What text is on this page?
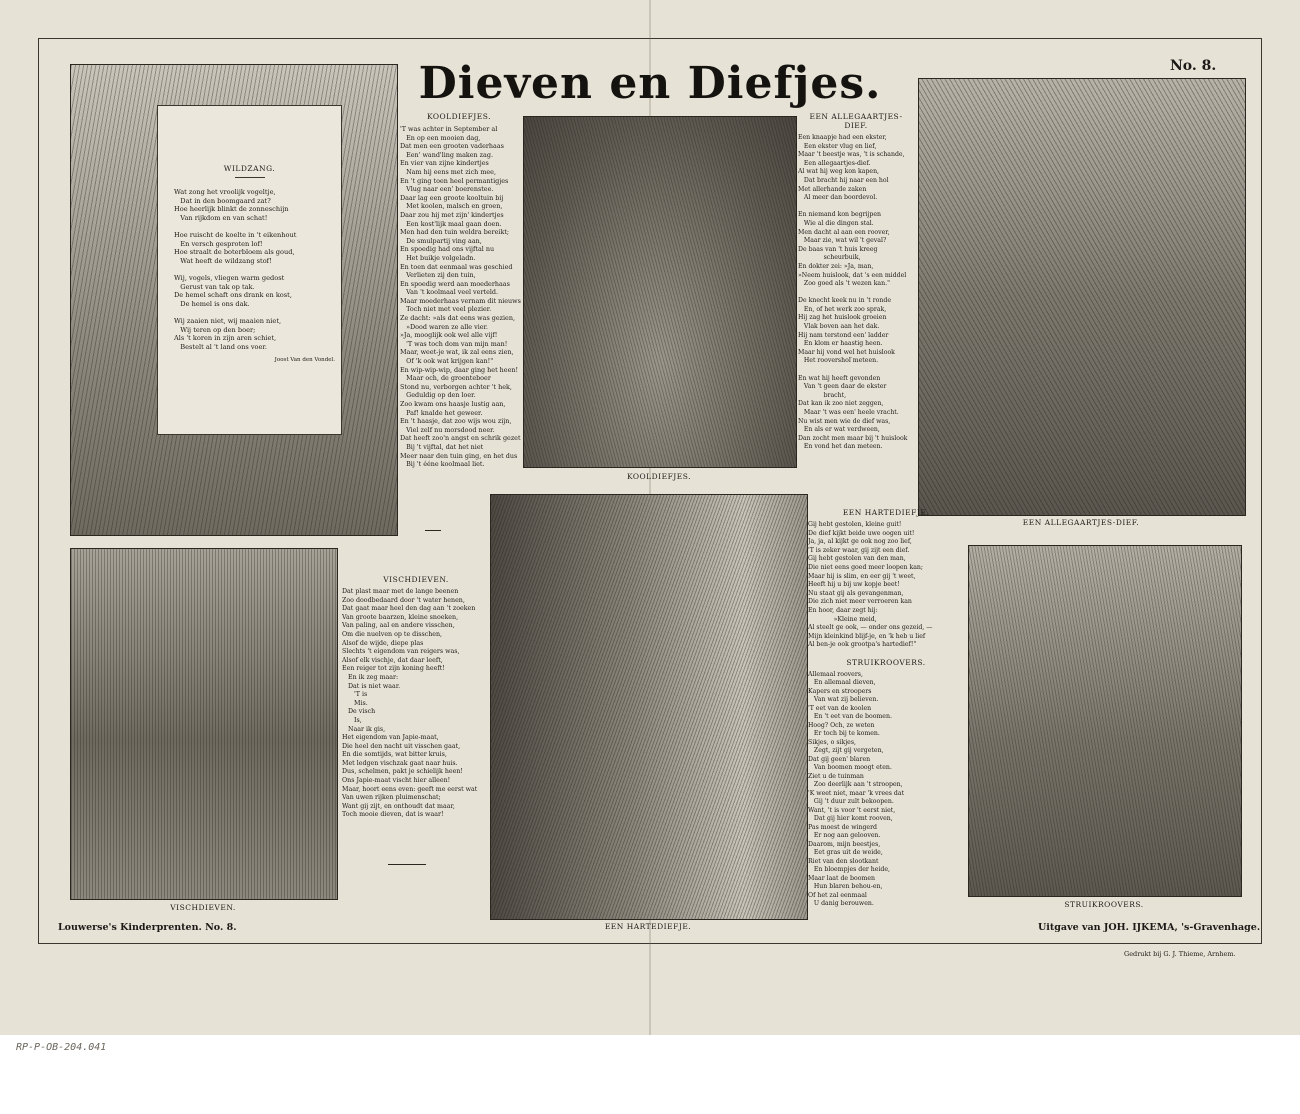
Dieven en Diefjes.	No. 8.
WILDZANG.
Wat zong het vroolijk vogeltje,
Dat in den boomgaard zat?
Hoe heerlijk blinkt de zonneschijn
Van rijkdom en van schat!

Hoe ruischt de koelte in 't eikenhout
En versch gesproten lof!
Hoe straalt de boterbloem als goud,
Wat heeft de wildzang stof!

Wij, vogels, vliegen warm gedost
Gerust van tak op tak.
De hemel schaft ons drank en kost,
De hemel is ons dak.

Wij zaaien niet, wij maaien niet,
Wij teren op den boer;
Als 't koren in zijn aren schiet,
Bestelt al 't land ons voer.
Joost Van den Vondel.
KOOLDIEFJES.
'T was achter in September al
En op een mooien dag,
Dat men een grooten vaderhaas
Een' wand'ling maken zag.
En vier van zijne kindertjes
Nam hij eens met zich mee,
En 't ging toen heel permantigjes
Vlug naar een' boerenstee.
Daar lag een groote kooltuin bij
Met koolen, malsch en groen,
Daar zou hij met zijn' kindertjes
Een kost'lijk maal gaan doen.
Men had den tuin weldra bereikt;
De smulpartij ving aan,
En spoedig had ons vijftal nu
Het buikje volgeladn.
En toen dat eenmaal was geschied
Verlieten zij den tuin,
En spoedig werd aan moederhaas
Van 't koolmaal veel verteld.
Maar moederhaas vernam dit nieuws
Toch niet met veel plezier.
Ze dacht: »als dat eens was gezien,
»Dood waren ze alle vier.
»Ja, mooglijk ook wel alle vijf!
'T was toch dom van mijn man!
Maar, weet-je wat, ik zal eens zien,
Of 'k ook wat krijgen kan!"
En wip-wip-wip, daar ging het heen!
Maar och, de groenteboer
Stond nu, verborgen achter 't hek,
Geduldig op den loer.
Zoo kwam ons haasje lustig aan,
Paf! knalde het geweer.
En 't haasje, dat zoo wijs wou zijn,
Viel zelf nu morsdood neer.
Dat heeft zoo'n angst en schrik gezet
Bij 't vijftal, dat het niet
Meer naar den tuin ging, en het dus
Bij 't ééne koolmaal liet.
KOOLDIEFJES.
EEN ALLEGAARTJES-
DIEF.
Een knaapje had een ekster,
Een ekster vlug en lief,
Maar 't beestje was, 't is schande,
Een allegaartjes-dief.
Al wat hij weg kon kapen,
Dat bracht hij naar een hol
Met allerhande zaken
Al meer dan boordevol.

En niemand kon begrijpen
Wie al die dingen stal.
Men dacht al aan een roover,
Maar zie, wat wil 't geval?
De baas van 't huis kreeg
scheurbuik,
En dokter zei: »Ja, man,
»Neem huislook, dat 's een middel
Zoo goed als 't wezen kan."

De knecht keek nu in 't ronde
En, of het werk zoo sprak,
Hij zag het huislook groeien
Vlak boven aan het dak.
Hij nam terstond een' ladder
En klom er haastig heen.
Maar hij vond wel het huislook
Het roovershoľ meteen.

En wat hij heeft gevonden
Van 't geen daar de ekster
bracht,
Dat kan ik zoo niet zeggen,
Maar 't was een' heele vracht.
Nu wist men wie de dief was,
En als er wat verdween,
Dan zocht men maar bij 't huislook
En vond het dan meteen.
EEN ALLEGAARTJES-DIEF.
VISCHDIEVEN.
VISCHDIEVEN.
Dat plast maar met de lange beenen
Zoo doodbedaard door 't water henen,
Dat gaat maar heel den dag aan 't zoeken
Van groote baarzen, kleine snoeken,
Van paling, aal en andere visschen,
Om die nuelven op te disschen,
Alsof de wijde, diepe plas
Slechts 't eigendom van reigers was,
Alsof elk vischje, dat daar leeft,
Een reiger tot zijn koning heeft!
En ik zeg maar:
Dat is niet waar.
'T is
Mis.
De visch
Is,
Naar ik gis,
Het eigendom van Japie-maat,
Die heel den nacht uit visschen gaat,
En die somtijds, wat bitter kruis,
Met ledgen vischzak gaat naar huis.
Dus, schelmen, pakt je schielijk heen!
Ons Japie-maat vischt hier alleen!
Maar, hoort eens even: geeft me eerst wat
Van uwen rijken pluimenschat;
Want gij zijt, en onthoudt dat maar,
Toch mooie dieven, dat is waar!
EEN HARTEDIEFJE.
EEN HARTEDIEFJE.
Gij hebt gestolen, kleine guit!
De dief kijkt beide uwe oogen uit!
Ja, ja, al kijkt ge ook nog zoo lief,
'T is zeker waar, gij zijt een dief.
Gij hebt gestolen van den man,
Die niet eens goed meer loopen kan;
Maar hij is slim, en eer gij 't weet,
Heeft hij u bij uw kopje beet!
Nu staat gij als gevangenman,
Die zich niet meer verroeren kan
En hoor, daar zegt hij:
»Kleine meid,
Al steelt ge ook, — onder ons gezeid, —
Mijn kleinkind blijf-je, en 'k heb u lief
Al ben-je ook grootpa's hartedief!"
STRUIKROOVERS.
Allemaal roovers,
En allemaal dieven,
Kapers en stroopers
Van wat zij believen.
'T eet van de koolen
En 't eet van de boomen.
Hoog? Och, ze weten
Er toch bij te komen.
Sikjes, o sikjes,
Zegt, zijt gij vergeten,
Dat gij geen' blaren
Van boomen moogt eten.
Ziet u de tuinman
Zoo deerlijk aan 't stroopen,
'K weet niet, maar 'k vrees dat
Gij 't duur zult bekoopen.
Want, 't is voor 't eerst niet,
Dat gij hier komt rooven,
Pas moest de wingerd
Er nog aan gelooven.
Daarom, mijn beestjes,
Eet gras uit de weide,
Riet van den slootkant
En bloempjes der heide,
Maar laat de boomen
Hun blaren behou-en,
Of het zal eenmaal
U danig berouwen.	STRUIKROOVERS.
Louwerse's Kinderprenten. No. 8.	Uitgave van JOH. IJKEMA, 's-Gravenhage.
Gedrukt bij G. J. Thieme, Arnhem.
RP-P-OB-204.041
